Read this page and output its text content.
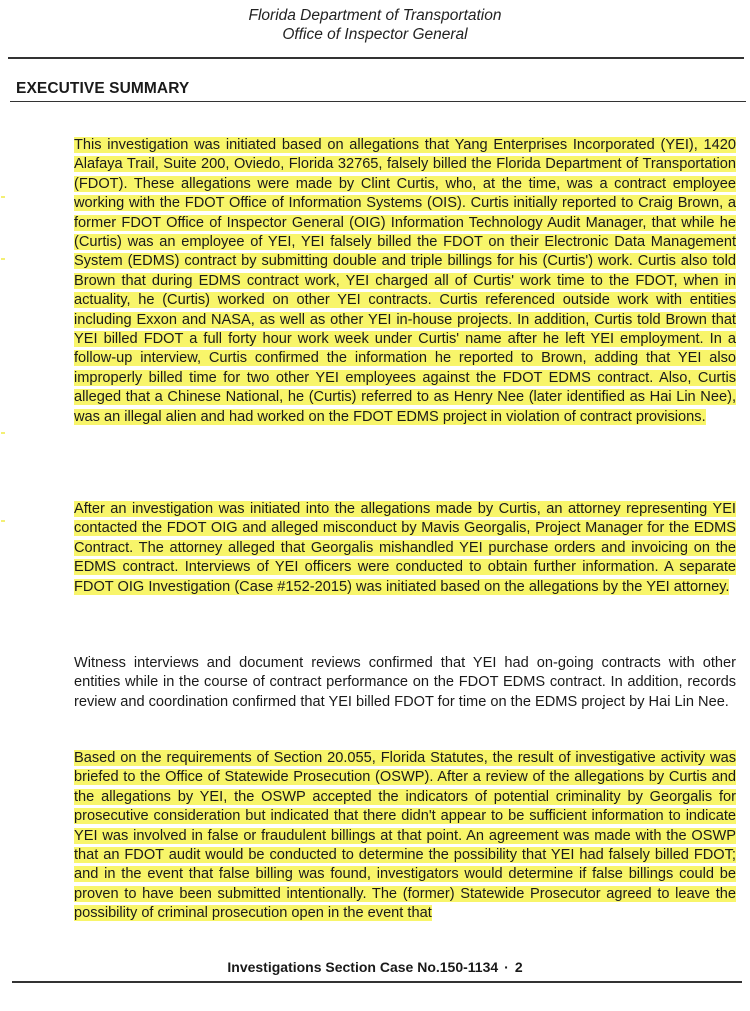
Florida Department of Transportation
Office of Inspector General
EXECUTIVE SUMMARY
This investigation was initiated based on allegations that Yang Enterprises Incorporated (YEI), 1420 Alafaya Trail, Suite 200, Oviedo, Florida 32765, falsely billed the Florida Department of Transportation (FDOT). These allegations were made by Clint Curtis, who, at the time, was a contract employee working with the FDOT Office of Information Systems (OIS). Curtis initially reported to Craig Brown, a former FDOT Office of Inspector General (OIG) Information Technology Audit Manager, that while he (Curtis) was an employee of YEI, YEI falsely billed the FDOT on their Electronic Data Management System (EDMS) contract by submitting double and triple billings for his (Curtis') work. Curtis also told Brown that during EDMS contract work, YEI charged all of Curtis' work time to the FDOT, when in actuality, he (Curtis) worked on other YEI contracts. Curtis referenced outside work with entities including Exxon and NASA, as well as other YEI in-house projects. In addition, Curtis told Brown that YEI billed FDOT a full forty hour work week under Curtis' name after he left YEI employment. In a follow-up interview, Curtis confirmed the information he reported to Brown, adding that YEI also improperly billed time for two other YEI employees against the FDOT EDMS contract. Also, Curtis alleged that a Chinese National, he (Curtis) referred to as Henry Nee (later identified as Hai Lin Nee), was an illegal alien and had worked on the FDOT EDMS project in violation of contract provisions.
After an investigation was initiated into the allegations made by Curtis, an attorney representing YEI contacted the FDOT OIG and alleged misconduct by Mavis Georgalis, Project Manager for the EDMS Contract. The attorney alleged that Georgalis mishandled YEI purchase orders and invoicing on the EDMS contract. Interviews of YEI officers were conducted to obtain further information. A separate FDOT OIG Investigation (Case #152-2015) was initiated based on the allegations by the YEI attorney.
Witness interviews and document reviews confirmed that YEI had on-going contracts with other entities while in the course of contract performance on the FDOT EDMS contract. In addition, records review and coordination confirmed that YEI billed FDOT for time on the EDMS project by Hai Lin Nee.
Based on the requirements of Section 20.055, Florida Statutes, the result of investigative activity was briefed to the Office of Statewide Prosecution (OSWP). After a review of the allegations by Curtis and the allegations by YEI, the OSWP accepted the indicators of potential criminality by Georgalis for prosecutive consideration but indicated that there didn't appear to be sufficient information to indicate YEI was involved in false or fraudulent billings at that point. An agreement was made with the OSWP that an FDOT audit would be conducted to determine the possibility that YEI had falsely billed FDOT; and in the event that false billing was found, investigators would determine if false billings could be proven to have been submitted intentionally. The (former) Statewide Prosecutor agreed to leave the possibility of criminal prosecution open in the event that
Investigations Section Case No.150-1134 · 2
